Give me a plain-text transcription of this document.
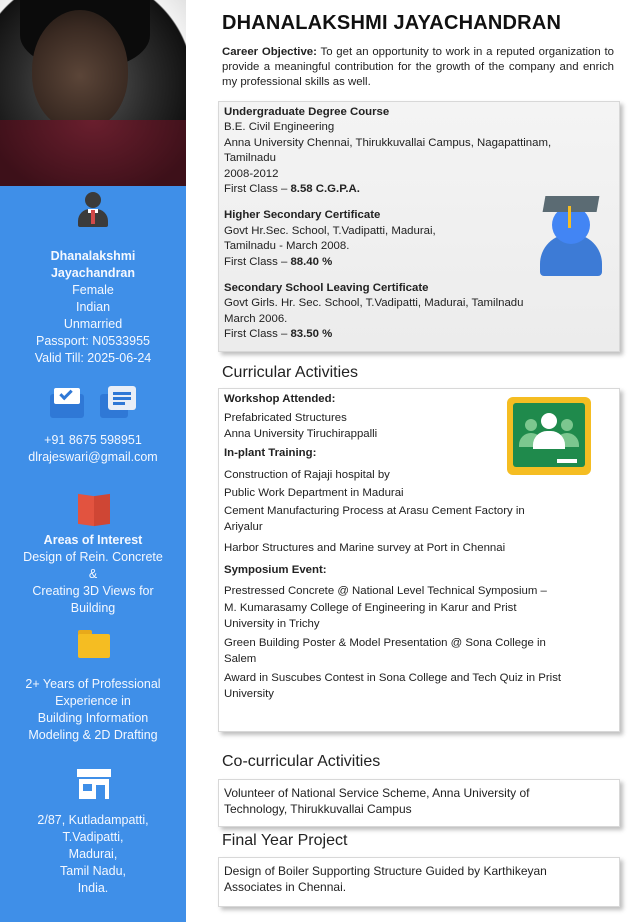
Dhanalakshmi
Jayachandran
Female
Indian
Unmarried
Passport: N0533955
Valid Till: 2025-06-24
+91 8675 598951
dlrajeswari@gmail.com
Areas of Interest
Design of Rein. Concrete
&
Creating 3D Views for
Building
2+ Years of Professional
Experience in
Building Information
Modeling & 2D Drafting
2/87, Kutladampatti,
T.Vadipatti,
Madurai,
Tamil Nadu,
India.
DHANALAKSHMI JAYACHANDRAN
Career Objective: To get an opportunity to work in a reputed organization to provide a meaningful contribution for the growth of the company and enrich my professional skills as well.
Undergraduate Degree Course
B.E. Civil Engineering
Anna University Chennai, Thirukkuvallai Campus, Nagapattinam,
Tamilnadu
2008-2012
First Class – 8.58 C.G.P.A.
Higher Secondary Certificate
Govt Hr.Sec. School, T.Vadipatti, Madurai,
Tamilnadu - March 2008.
First Class – 88.40 %
Secondary School Leaving Certificate
Govt Girls. Hr. Sec. School, T.Vadipatti, Madurai, Tamilnadu
March 2006.
First Class – 83.50 %
Curricular Activities
Workshop Attended:
Prefabricated Structures
Anna University Tiruchirappalli
In-plant Training:
Construction of Rajaji hospital by
Public Work Department in Madurai
Cement Manufacturing Process at Arasu Cement Factory in
Ariyalur
Harbor Structures and Marine survey at Port in Chennai
Symposium Event:
Prestressed Concrete @ National Level Technical Symposium –
M. Kumarasamy College of Engineering in Karur and Prist
University in Trichy
Green Building Poster & Model Presentation @ Sona College in
Salem
Award in Suscubes Contest in Sona College and Tech Quiz in Prist
University
Co-curricular Activities
Volunteer of National Service Scheme, Anna University of
Technology, Thirukkuvallai Campus
Final Year Project
Design of Boiler Supporting Structure Guided by Karthikeyan
Associates in Chennai.
